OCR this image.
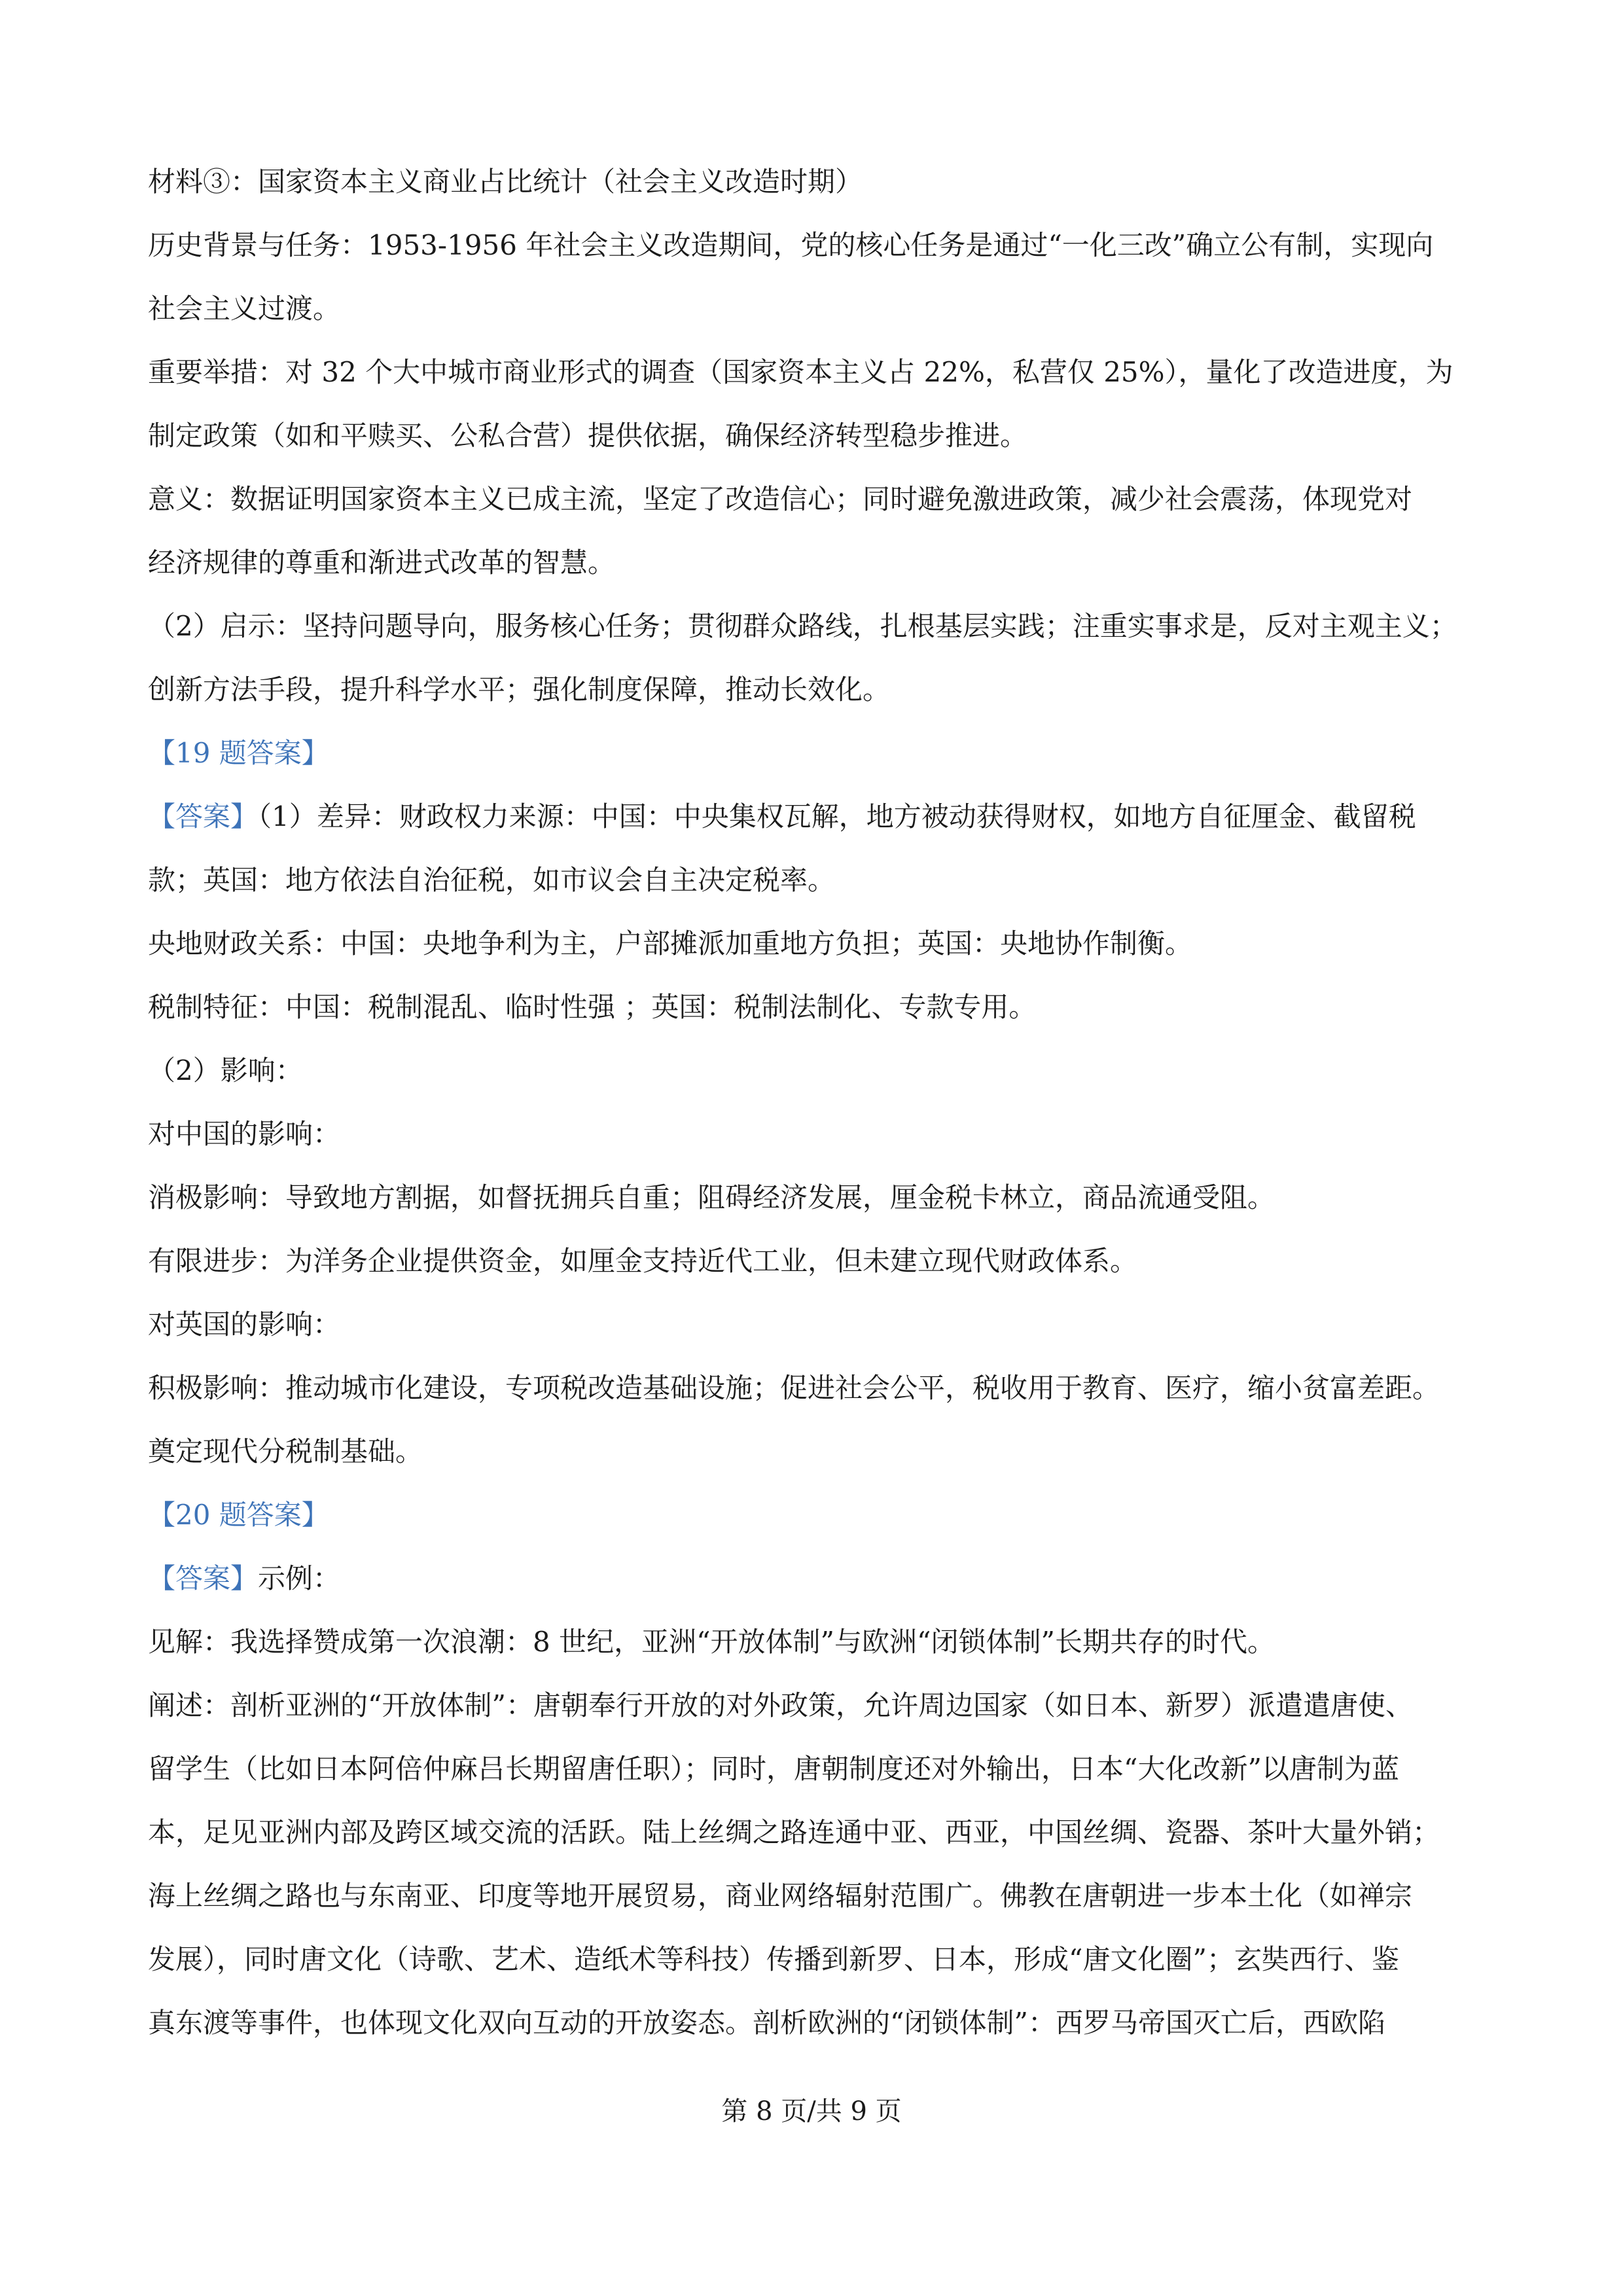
材料③：国家资本主义商业占比统计（社会主义改造时期）
历史背景与任务：1953-1956 年社会主义改造期间，党的核心任务是通过“一化三改”确立公有制，实现向
社会主义过渡。
重要举措：对 32 个大中城市商业形式的调查（国家资本主义占 22%，私营仅 25%），量化了改造进度，为
制定政策（如和平赎买、公私合营）提供依据，确保经济转型稳步推进。
意义：数据证明国家资本主义已成主流，坚定了改造信心；同时避免激进政策，减少社会震荡，体现党对
经济规律的尊重和渐进式改革的智慧。
（2）启示：坚持问题导向，服务核心任务；贯彻群众路线，扎根基层实践；注重实事求是，反对主观主义；
创新方法手段，提升科学水平；强化制度保障，推动长效化。
【19 题答案】
【答案】（1）差异：财政权力来源：中国：中央集权瓦解，地方被动获得财权，如地方自征厘金、截留税
款；英国：地方依法自治征税，如市议会自主决定税率。
央地财政关系：中国：央地争利为主，户部摊派加重地方负担；英国：央地协作制衡。
税制特征：中国：税制混乱、临时性强 ；英国：税制法制化、专款专用。
（2）影响：
对中国的影响：
消极影响：导致地方割据，如督抚拥兵自重；阻碍经济发展，厘金税卡林立，商品流通受阻。
有限进步：为洋务企业提供资金，如厘金支持近代工业，但未建立现代财政体系。
对英国的影响：
积极影响：推动城市化建设，专项税改造基础设施；促进社会公平，税收用于教育、医疗，缩小贫富差距。
奠定现代分税制基础。
【20 题答案】
【答案】示例：
见解：我选择赞成第一次浪潮：8 世纪，亚洲“开放体制”与欧洲“闭锁体制”长期共存的时代。
阐述：剖析亚洲的“开放体制”：唐朝奉行开放的对外政策，允许周边国家（如日本、新罗）派遣遣唐使、
留学生（比如日本阿倍仲麻吕长期留唐任职）；同时，唐朝制度还对外输出，日本“大化改新”以唐制为蓝
本，足见亚洲内部及跨区域交流的活跃。陆上丝绸之路连通中亚、西亚，中国丝绸、瓷器、茶叶大量外销；
海上丝绸之路也与东南亚、印度等地开展贸易，商业网络辐射范围广。佛教在唐朝进一步本土化（如禅宗
发展），同时唐文化（诗歌、艺术、造纸术等科技）传播到新罗、日本，形成“唐文化圈”；玄奘西行、鉴
真东渡等事件，也体现文化双向互动的开放姿态。剖析欧洲的“闭锁体制”：西罗马帝国灭亡后，西欧陷
第 8 页/共 9 页
